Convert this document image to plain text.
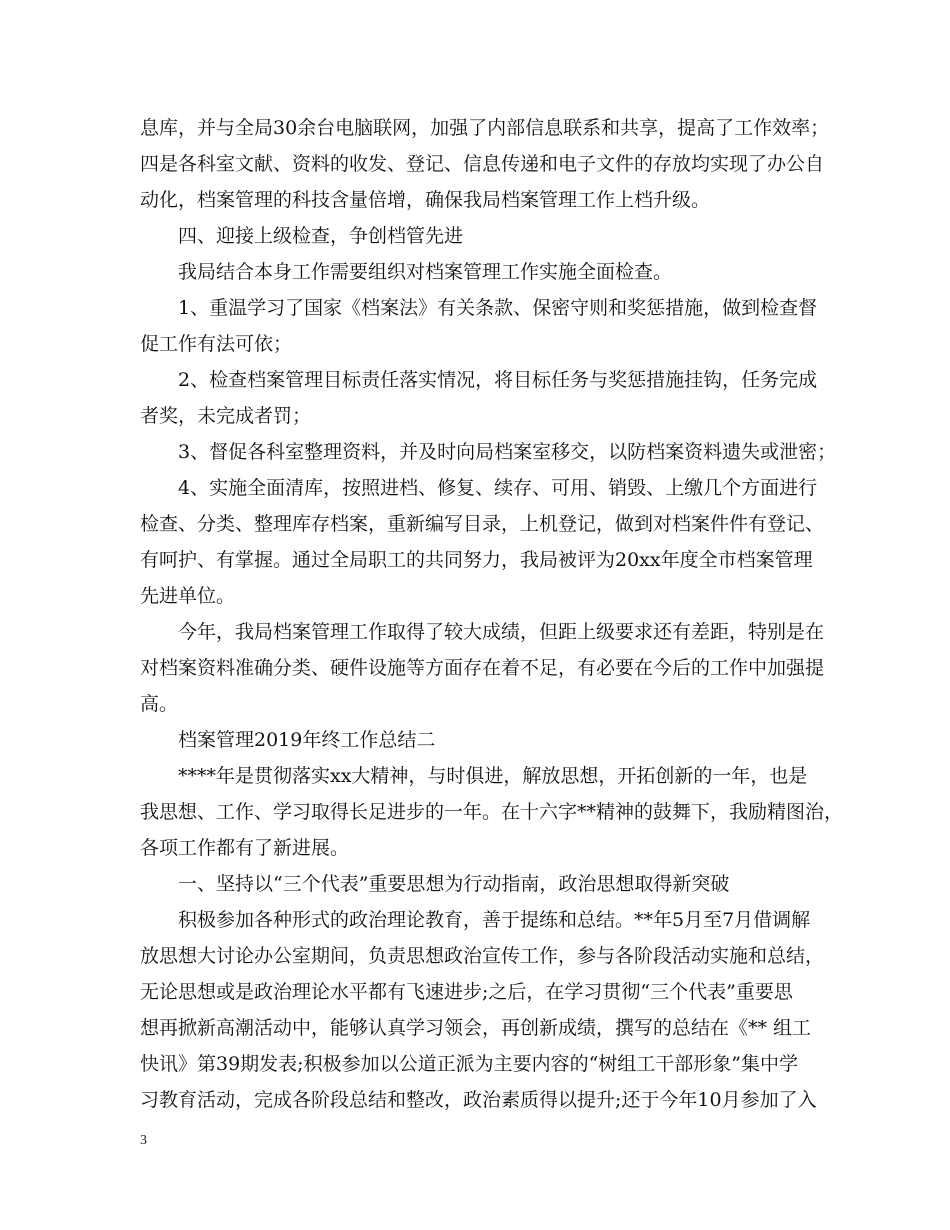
息库，并与全局30余台电脑联网，加强了内部信息联系和共享，提高了工作效率；
四是各科室文献、资料的收发、登记、信息传递和电子文件的存放均实现了办公自
动化，档案管理的科技含量倍增，确保我局档案管理工作上档升级。
四、迎接上级检查，争创档管先进
我局结合本身工作需要组织对档案管理工作实施全面检查。
1、重温学习了国家《档案法》有关条款、保密守则和奖惩措施，做到检查督
促工作有法可依；
2、检查档案管理目标责任落实情况，将目标任务与奖惩措施挂钩，任务完成
者奖，未完成者罚；
3、督促各科室整理资料，并及时向局档案室移交，以防档案资料遗失或泄密；
4、实施全面清库，按照进档、修复、续存、可用、销毁、上缴几个方面进行
检查、分类、整理库存档案，重新编写目录，上机登记，做到对档案件件有登记、
有呵护、有掌握。通过全局职工的共同努力，我局被评为20xx年度全市档案管理
先进单位。
今年，我局档案管理工作取得了较大成绩，但距上级要求还有差距，特别是在
对档案资料准确分类、硬件设施等方面存在着不足，有必要在今后的工作中加强提
高。
档案管理2019年终工作总结二
****年是贯彻落实xx大精神，与时俱进，解放思想，开拓创新的一年，也是
我思想、工作、学习取得长足进步的一年。在十六字**精神的鼓舞下，我励精图治，
各项工作都有了新进展。
一、坚持以“三个代表”重要思想为行动指南，政治思想取得新突破
积极参加各种形式的政治理论教育，善于提练和总结。**年5月至7月借调解
放思想大讨论办公室期间，负责思想政治宣传工作，参与各阶段活动实施和总结，
无论思想或是政治理论水平都有飞速进步;之后，在学习贯彻“三个代表”重要思
想再掀新高潮活动中，能够认真学习领会，再创新成绩，撰写的总结在《** 组工
快讯》第39期发表;积极参加以公道正派为主要内容的“树组工干部形象”集中学
习教育活动，完成各阶段总结和整改，政治素质得以提升;还于今年10月参加了入
3
